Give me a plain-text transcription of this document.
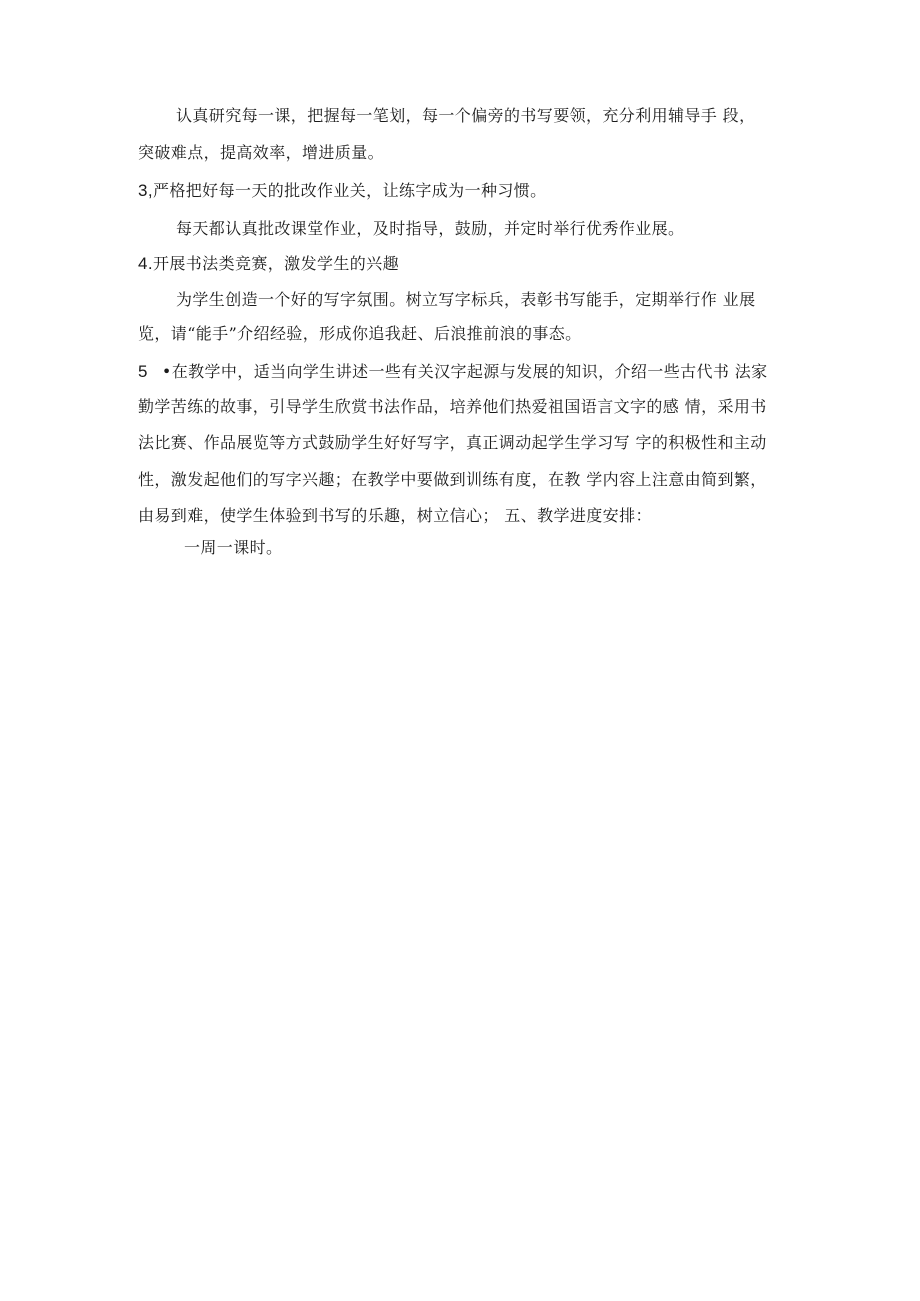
认真研究每一课，把握每一笔划，每一个偏旁的书写要领，充分利用辅导手 段，
突破难点，提高效率，增进质量。
3,严格把好每一天的批改作业关，让练字成为一种习惯。
每天都认真批改课堂作业，及时指导，鼓励，并定时举行优秀作业展。
4.开展书法类竞赛，激发学生的兴趣
为学生创造一个好的写字氛围。树立写字标兵，表彰书写能手，定期举行作 业展
览，请“能手”介绍经验，形成你追我赶、后浪推前浪的事态。
5 •在教学中，适当向学生讲述一些有关汉字起源与发展的知识，介绍一些古代书 法家
勤学苦练的故事，引导学生欣赏书法作品，培养他们热爱祖国语言文字的感 情，采用书
法比赛、作品展览等方式鼓励学生好好写字，真正调动起学生学习写 字的积极性和主动
性，激发起他们的写字兴趣；在教学中要做到训练有度，在教 学内容上注意由简到繁，
由易到难，使学生体验到书写的乐趣，树立信心； 五、教学进度安排：
一周一课时。
